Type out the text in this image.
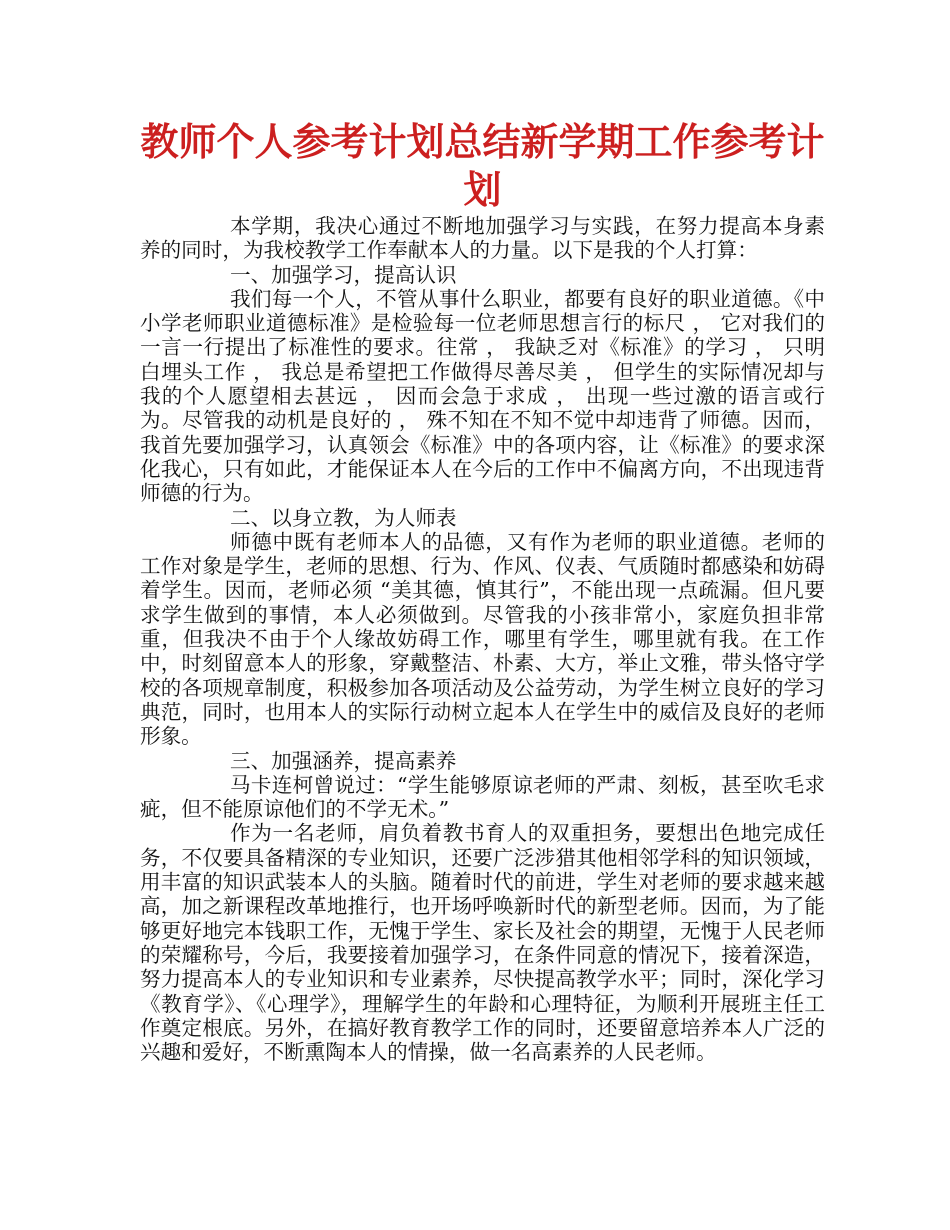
教师个人参考计划总结新学期工作参考计划

本学期，我决心通过不断地加强学习与实践，在努力提高本身素养的同时，为我校教学工作奉献本人的力量。以下是我的个人打算：

一、加强学习，提高认识

我们每一个人，不管从事什么职业，都要有良好的职业道德。《中小学老师职业道德标准》是检验每一位老师思想言行的标尺 ， 它对我们的一言一行提出了标准性的要求。往常 ， 我缺乏对《标准》的学习 ， 只明白埋头工作 ， 我总是希望把工作做得尽善尽美 ， 但学生的实际情况却与我的个人愿望相去甚远 ， 因而会急于求成 ， 出现一些过激的语言或行为。尽管我的动机是良好的 ， 殊不知在不知不觉中却违背了师德。因而，我首先要加强学习，认真领会《标准》中的各项内容，让《标准》的要求深化我心，只有如此，才能保证本人在今后的工作中不偏离方向，不出现违背师德的行为。

二、以身立教，为人师表

师德中既有老师本人的品德，又有作为老师的职业道德。老师的工作对象是学生，老师的思想、行为、作风、仪表、气质随时都感染和妨碍着学生。因而，老师必须 “美其德，慎其行”，不能出现一点疏漏。但凡要求学生做到的事情，本人必须做到。尽管我的小孩非常小，家庭负担非常重，但我决不由于个人缘故妨碍工作，哪里有学生，哪里就有我。在工作中，时刻留意本人的形象，穿戴整洁、朴素、大方，举止文雅，带头恪守学校的各项规章制度，积极参加各项活动及公益劳动，为学生树立良好的学习典范，同时，也用本人的实际行动树立起本人在学生中的威信及良好的老师形象。

三、加强涵养，提高素养

马卡连柯曾说过：“学生能够原谅老师的严肃、刻板，甚至吹毛求疵，但不能原谅他们的不学无术。”

作为一名老师，肩负着教书育人的双重担务，要想出色地完成任务，不仅要具备精深的专业知识，还要广泛涉猎其他相邻学科的知识领域，用丰富的知识武装本人的头脑。随着时代的前进，学生对老师的要求越来越高，加之新课程改革地推行，也开场呼唤新时代的新型老师。因而，为了能够更好地完本钱职工作，无愧于学生、家长及社会的期望，无愧于人民老师的荣耀称号，今后，我要接着加强学习，在条件同意的情况下，接着深造，努力提高本人的专业知识和专业素养，尽快提高教学水平；同时，深化学习《教育学》、《心理学》，理解学生的年龄和心理特征，为顺利开展班主任工作奠定根底。另外，在搞好教育教学工作的同时，还要留意培养本人广泛的兴趣和爱好，不断熏陶本人的情操，做一名高素养的人民老师。
